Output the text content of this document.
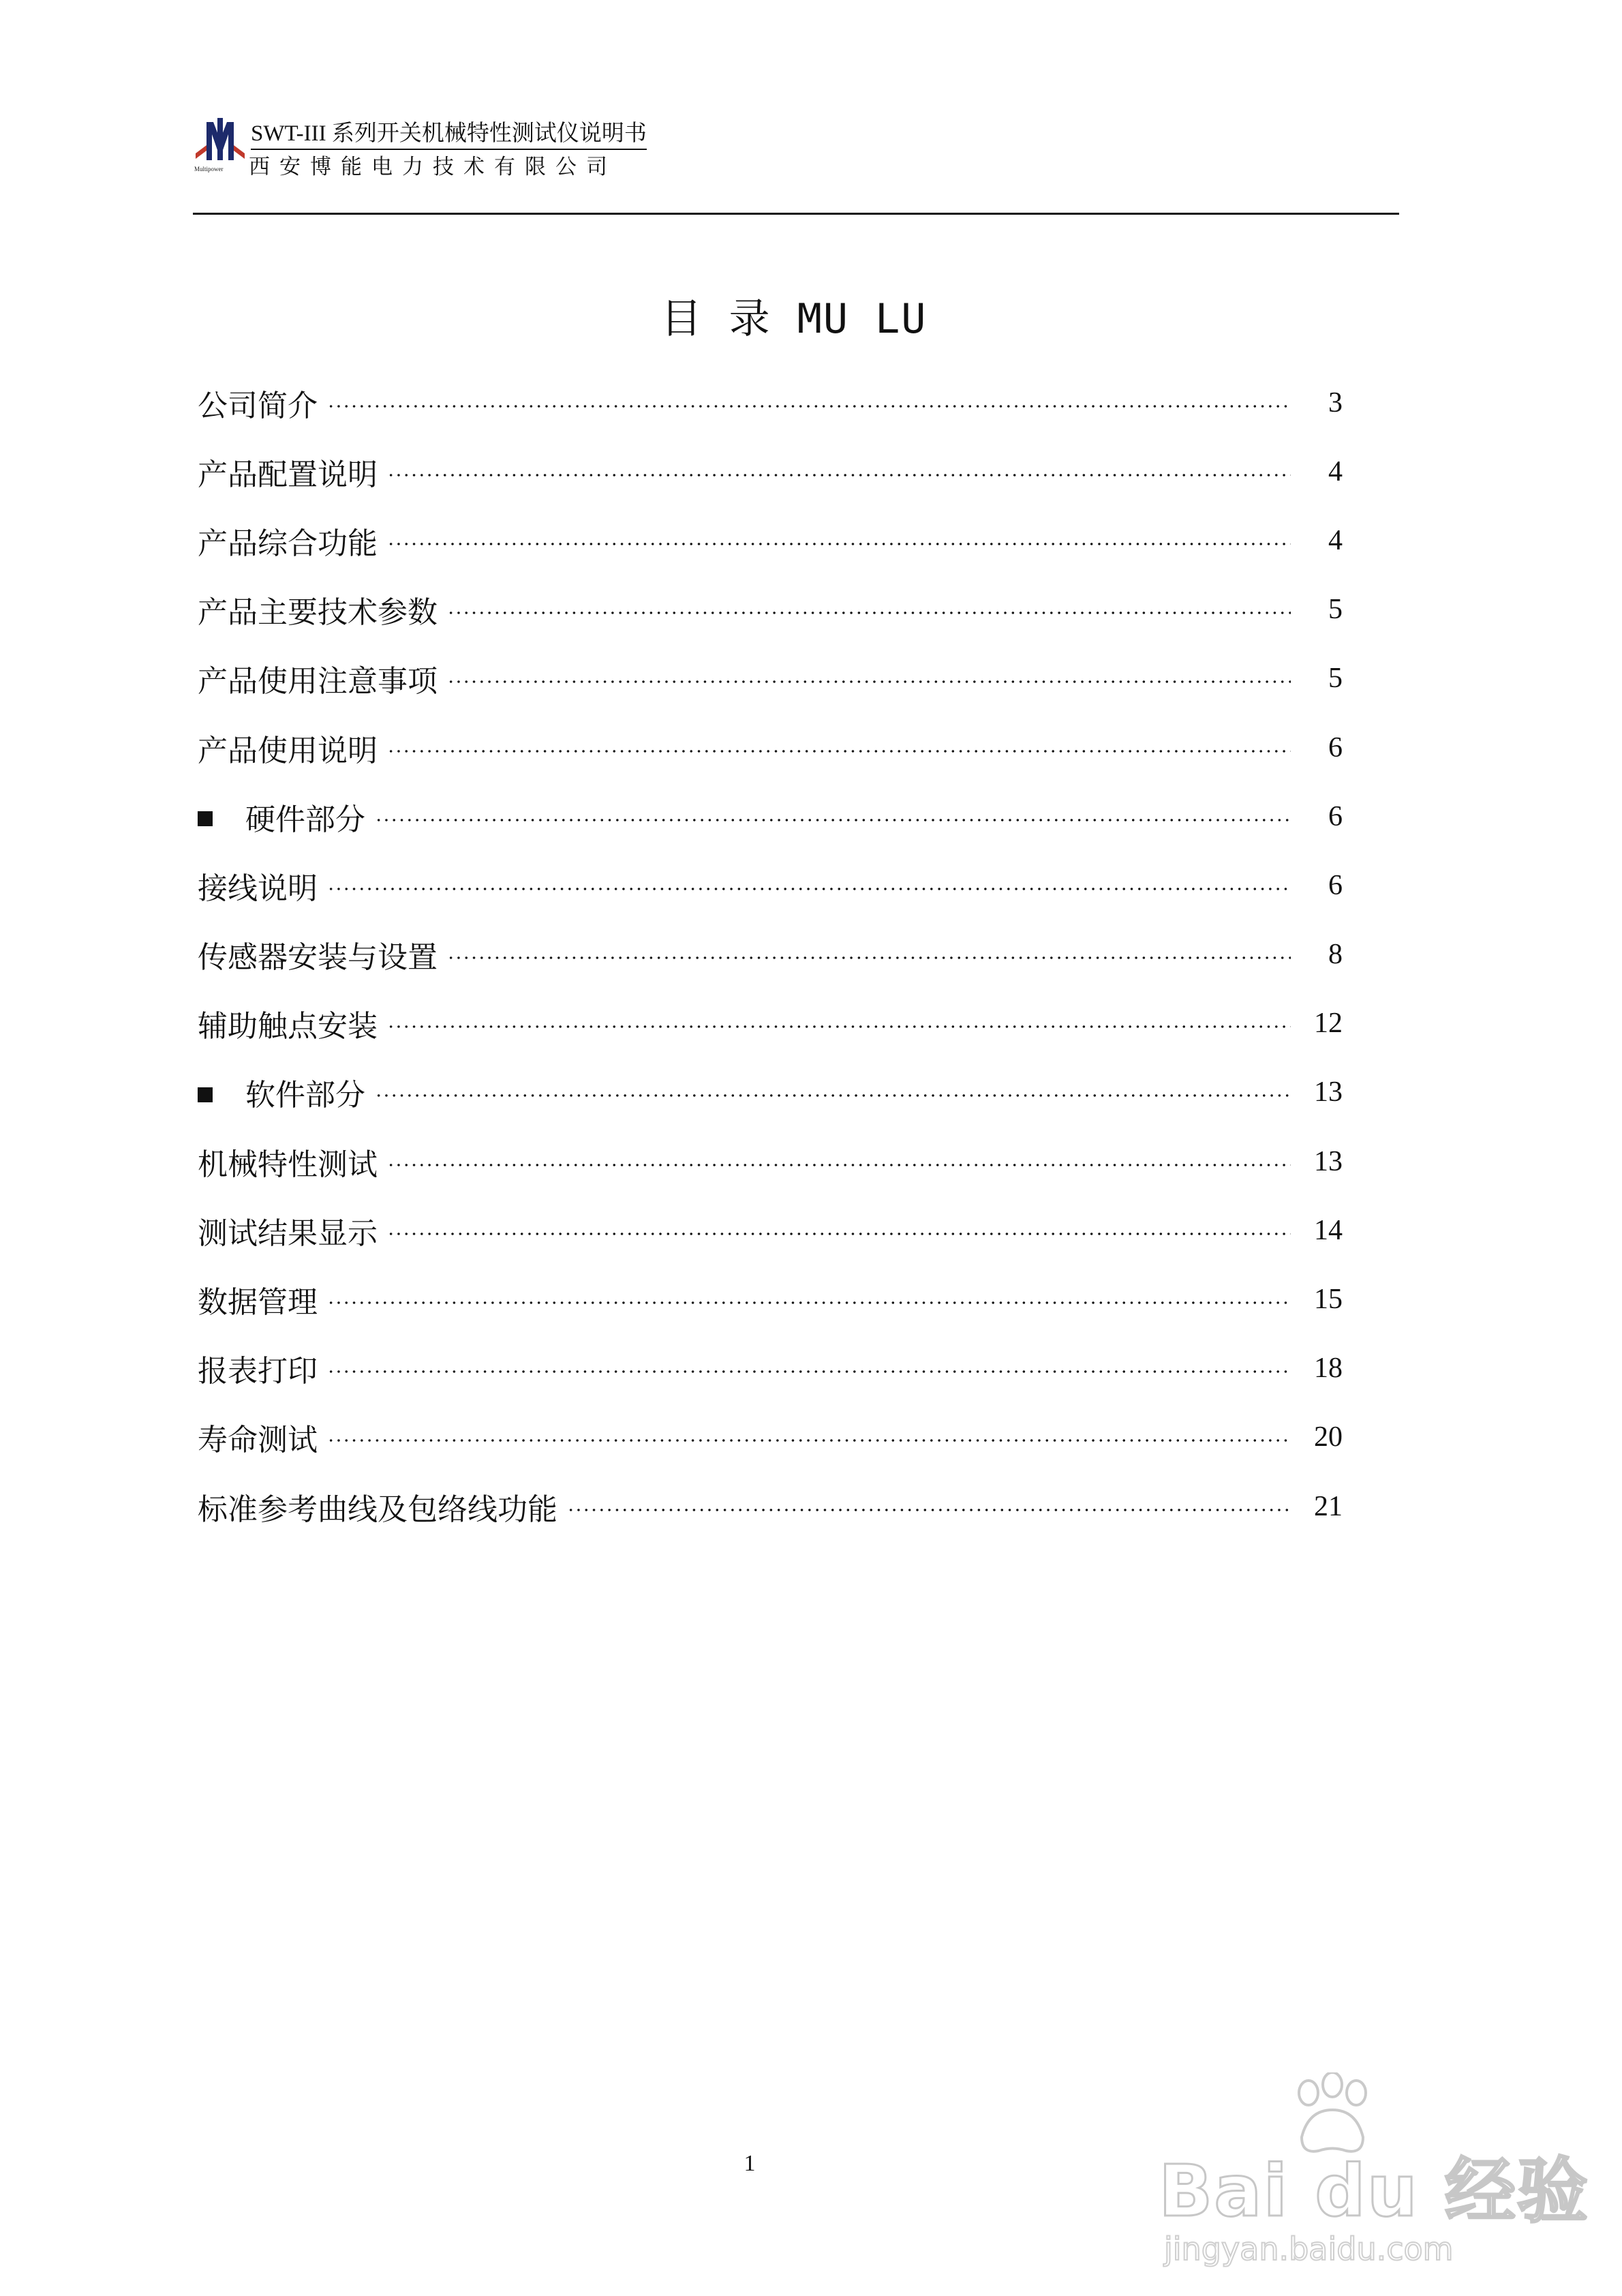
Multipower
SWT-III 系列开关机械特性测试仪说明书
西安博能电力技术有限公司
目 录 MU LU
公司简介	3
产品配置说明	4
产品综合功能	4
产品主要技术参数	5
产品使用注意事项	5
产品使用说明	6
硬件部分	6
接线说明	6
传感器安装与设置	8
辅助触点安装	12
软件部分	13
机械特性测试	13
测试结果显示	14
数据管理	15
报表打印	18
寿命测试	20
标准参考曲线及包络线功能	21
1	Bai du 经验
jingyan.baidu.com
